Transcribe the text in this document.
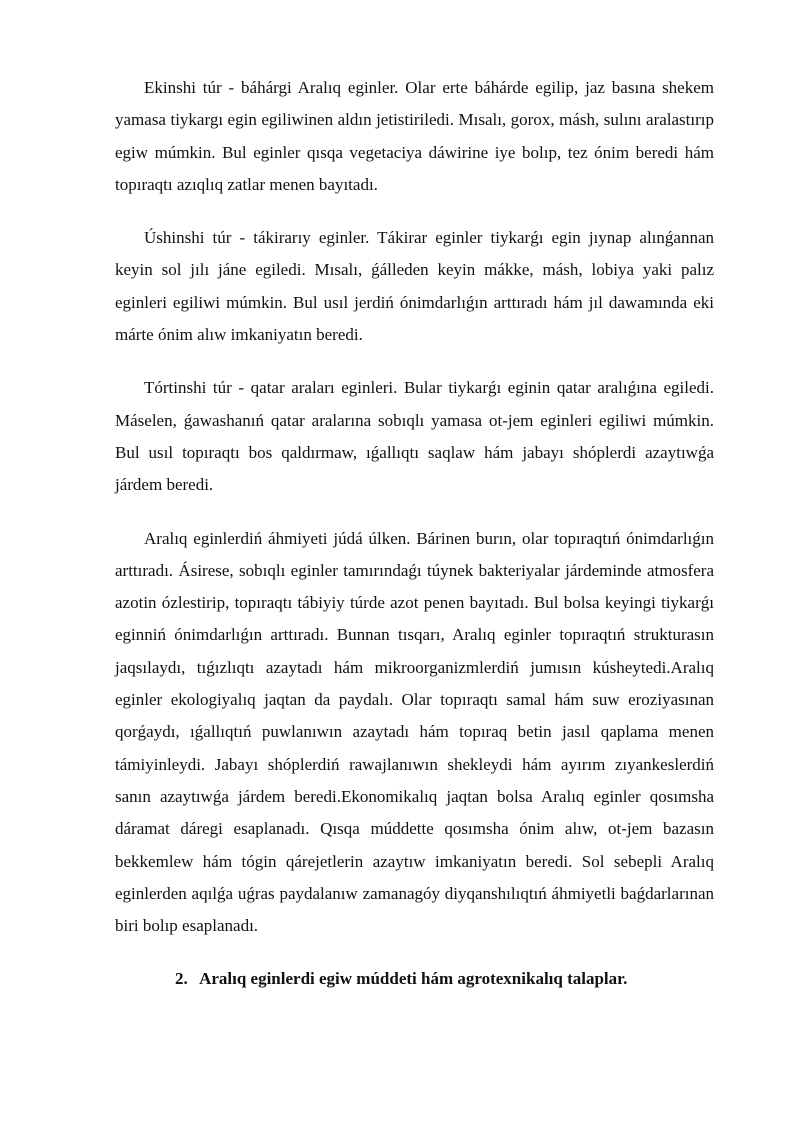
Ekinshi túr - báhárgi Aralıq eginler. Olar erte báhárde egilip, jaz basına shekem yamasa tiykargı egin egiliwinen aldın jetistiriledi. Mısalı, gorox, másh, sulını aralastırıp egiw múmkin. Bul eginler qısqa vegetaciya dáwirine iye bolıp, tez ónim beredi hám topıraqtı azıqlıq zatlar menen bayıtadı.

Úshinshi túr - tákirarıy eginler. Tákirar eginler tiykarǵı egin jıynap alınǵannan keyin sol jılı jáne egiledi. Mısalı, ǵálleden keyin mákke, másh, lobiya yaki palız eginleri egiliwi múmkin. Bul usıl jerdiń ónimdarlıǵın arttıradı hám jıl dawamında eki márte ónim alıw imkaniyatın beredi.

Tórtinshi túr - qatar araları eginleri. Bular tiykarǵı eginin qatar aralıǵına egiledi. Máselen, ǵawashanıń qatar aralarına sobıqlı yamasa ot-jem eginleri egiliwi múmkin. Bul usıl topıraqtı bos qaldırmaw, ıǵallıqtı saqlaw hám jabayı shóplerdi azaytıwǵa járdem beredi.

Aralıq eginlerdiń áhmiyeti júdá úlken. Bárinen burın, olar topıraqtıń ónimdarlıǵın arttıradı. Ásirese, sobıqlı eginler tamırındaǵı túynek bakteriyalar járdeminde atmosfera azotin ózlestirip, topıraqtı tábiyiy túrde azot penen bayıtadı. Bul bolsa keyingi tiykarǵı eginniń ónimdarlıǵın arttıradı. Bunnan tısqarı, Aralıq eginler topıraqtıń strukturasın jaqsılaydı, tıǵızlıqtı azaytadı hám mikroorganizmlerdiń jumısın kúsheytedi.Aralıq eginler ekologiyalıq jaqtan da paydalı. Olar topıraqtı samal hám suw eroziyasınan qorǵaydı, ıǵallıqtıń puwlanıwın azaytadı hám topıraq betin jasıl qaplama menen támiyinleydi. Jabayı shóplerdiń rawajlanıwın shekleydi hám ayırım zıyankeslerdiń sanın azaytıwǵa járdem beredi.Ekonomikalıq jaqtan bolsa Aralıq eginler qosımsha dáramat dáregi esaplanadı. Qısqa múddette qosımsha ónim alıw, ot-jem bazasın bekkemlew hám tógin qárejetlerin azaytıw imkaniyatın beredi. Sol sebepli Aralıq eginlerden aqılǵa uǵras paydalanıw zamanagóy diyqanshılıqtıń áhmiyetli baǵdarlarınan biri bolıp esaplanadı.

2. Aralıq eginlerdi egiw múddeti hám agrotexnikalıq talaplar.
